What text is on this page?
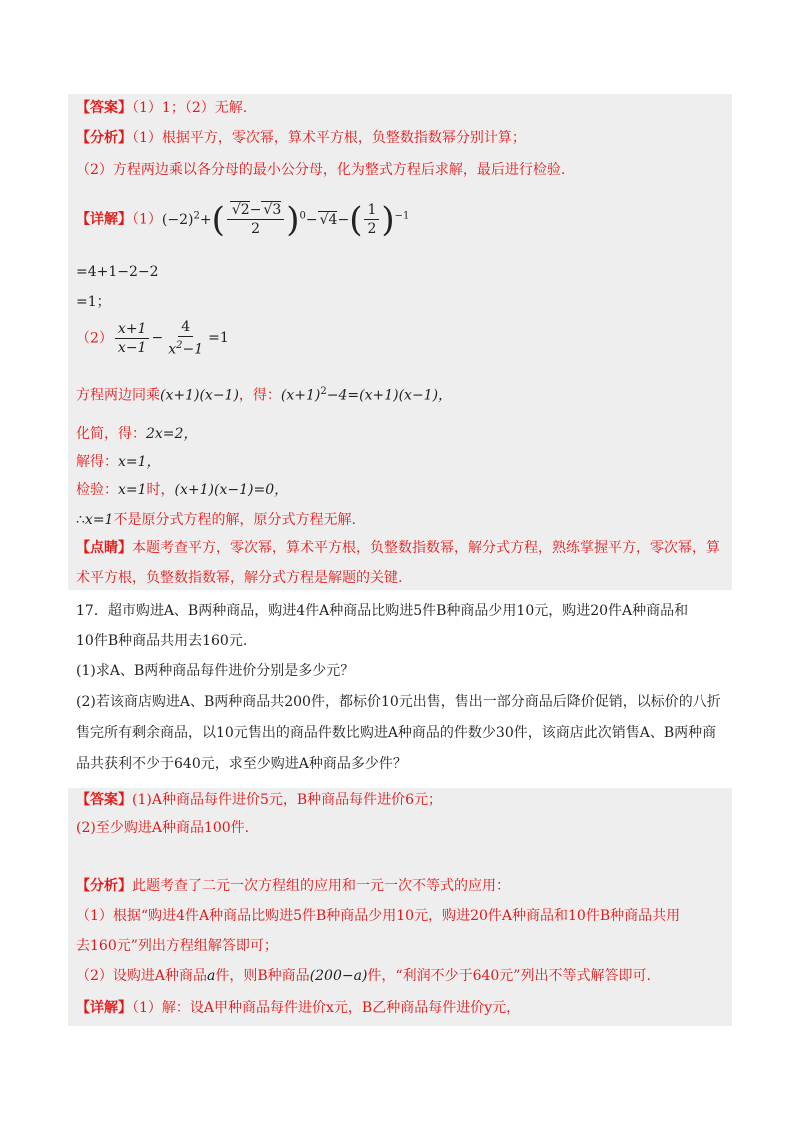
【答案】（1）1；（2）无解.
【分析】（1）根据平方，零次幂，算术平方根，负整数指数幂分别计算；
（2）方程两边乘以各分母的最小公分母，化为整式方程后求解，最后进行检验.
【详解】$(1)(-2)^2+( \frac{√2- √3}{2} )^0- √4-( \frac{1}{2} )^{-1}$
=4+1−2−2
=1；
$(2) \frac{x+1}{x-1} - \frac{4}{x^2-1} =1$
方程两边同乘(x+1)(x−1)，得：$(x+1)^2-4=(x+1)(x-1)$，
化简，得：2x=2，
解得：x=1，
检验：x=1时，(x+1)(x−1)=0，
∴x=1不是原分式方程的解，原分式方程无解.
【点睛】本题考查平方，零次幂，算术平方根，负整数指数幂，解分式方程，熟练掌握平方，零次幂，算
术平方根，负整数指数幂，解分式方程是解题的关键.
17．超市购进A、B两种商品，购进4件A种商品比购进5件B种商品少用10元，购进20件A种商品和
10件B种商品共用去160元.
(1)求A、B两种商品每件进价分别是多少元？
(2)若该商店购进A、B两种商品共200件，都标价10元出售，售出一部分商品后降价促销，以标价的八折
售完所有剩余商品，以10元售出的商品件数比购进A种商品的件数少30件，该商店此次销售A、B两种商
品共获利不少于640元，求至少购进A种商品多少件？
【答案】(1)A种商品每件进价5元，B种商品每件进价6元；
(2)至少购进A种商品100件.
【分析】此题考查了二元一次方程组的应用和一元一次不等式的应用：
（1）根据“购进4件A种商品比购进5件B种商品少用10元，购进20件A种商品和10件B种商品共用
去160元”列出方程组解答即可；
（2）设购进A种商品a件，则B种商品(200−a)件，“利润不少于640元”列出不等式解答即可.
【详解】（1）解：设A甲种商品每件进价x元，B乙种商品每件进价y元，
